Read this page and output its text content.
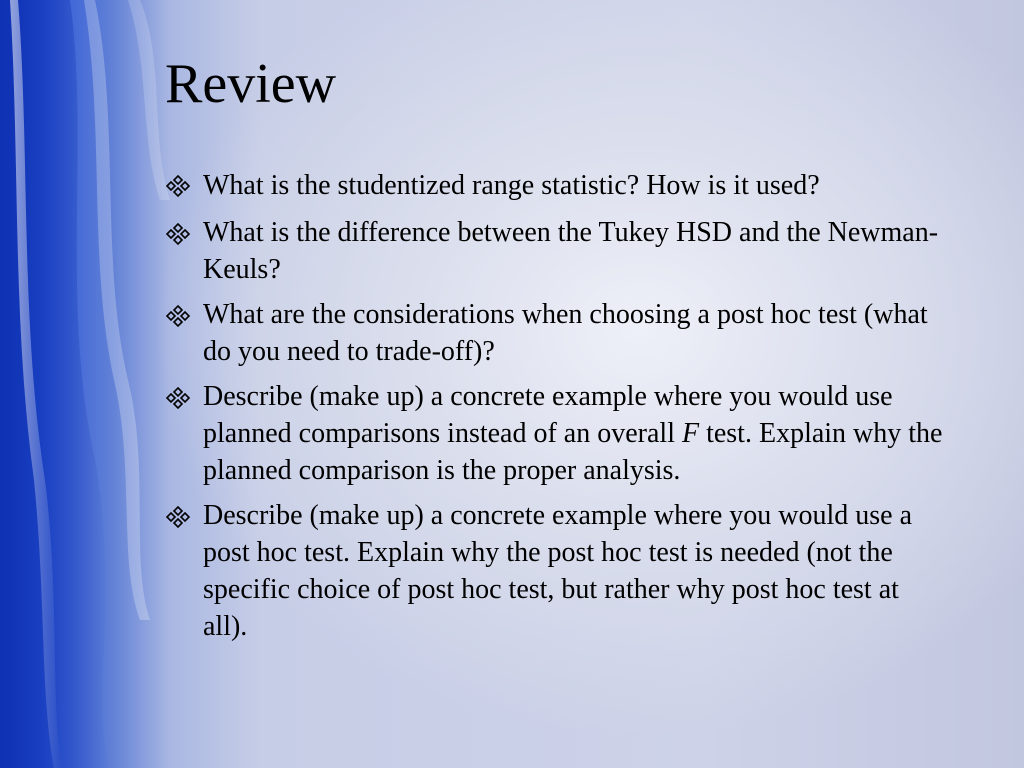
Review
What is the studentized range statistic? How is it used?
What is the difference between the Tukey HSD and the Newman-Keuls?
What are the considerations when choosing a post hoc test (what do you need to trade-off)?
Describe (make up) a concrete example where you would use planned comparisons instead of an overall F test. Explain why the planned comparison is the proper analysis.
Describe (make up) a concrete example where you would use a post hoc test. Explain why the post hoc test is needed (not the specific choice of post hoc test, but rather why post hoc test at all).
